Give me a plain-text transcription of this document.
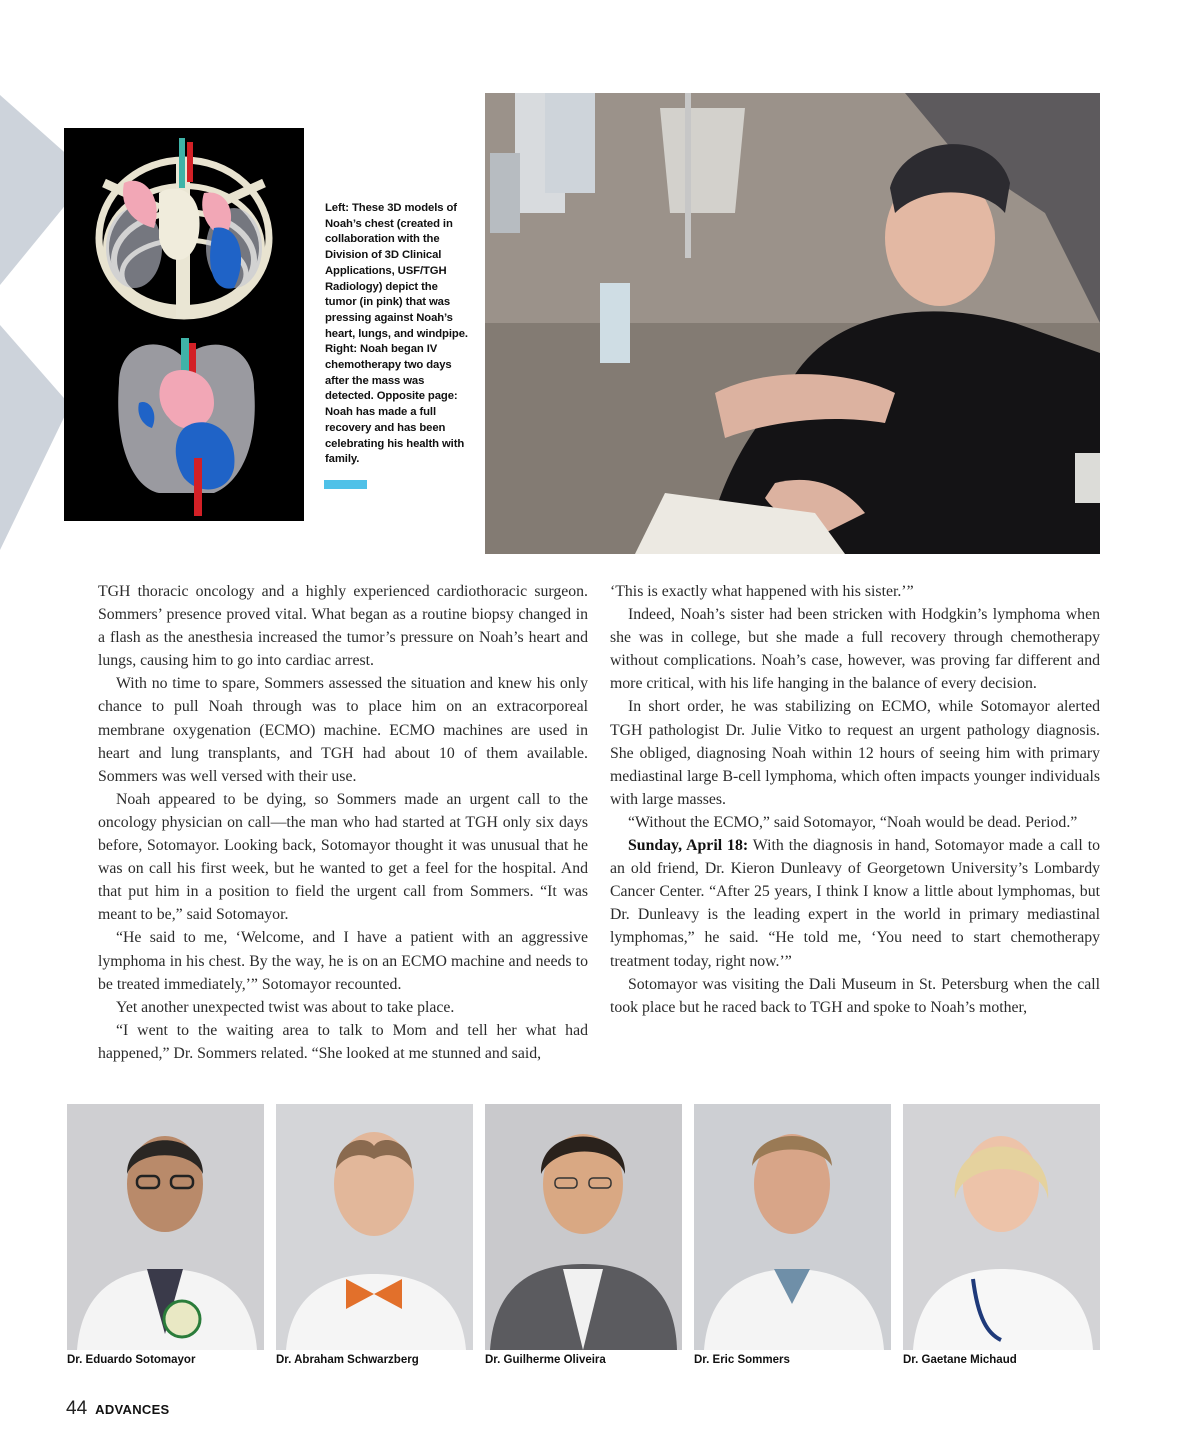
Left: These 3D models of Noah’s chest (created in collaboration with the Division of 3D Clinical Applications, USF/TGH Radiology) depict the tumor (in pink) that was pressing against Noah’s heart, lungs, and windpipe. Right: Noah began IV chemotherapy two days after the mass was detected. Opposite page: Noah has made a full recovery and has been celebrating his health with family.

TGH thoracic oncology and a highly experienced cardiothoracic surgeon. Sommers’ presence proved vital. What began as a routine biopsy changed in a flash as the anesthesia increased the tumor’s pressure on Noah’s heart and lungs, causing him to go into cardiac arrest.

With no time to spare, Sommers assessed the situation and knew his only chance to pull Noah through was to place him on an extracorporeal membrane oxygenation (ECMO) machine. ECMO machines are used in heart and lung transplants, and TGH had about 10 of them available. Sommers was well versed with their use.

Noah appeared to be dying, so Sommers made an urgent call to the oncology physician on call—the man who had started at TGH only six days before, Sotomayor. Looking back, Sotomayor thought it was unusual that he was on call his first week, but he wanted to get a feel for the hospital. And that put him in a position to field the urgent call from Sommers. “It was meant to be,” said Sotomayor.

“He said to me, ‘Welcome, and I have a patient with an aggressive lymphoma in his chest. By the way, he is on an ECMO machine and needs to be treated immediately,’” Sotomayor recounted.

Yet another unexpected twist was about to take place.

“I went to the waiting area to talk to Mom and tell her what had happened,” Dr. Sommers related. “She looked at me stunned and said,

‘This is exactly what happened with his sister.’”

Indeed, Noah’s sister had been stricken with Hodgkin’s lymphoma when she was in college, but she made a full recovery through chemotherapy without complications. Noah’s case, however, was proving far different and more critical, with his life hanging in the balance of every decision.

In short order, he was stabilizing on ECMO, while Sotomayor alerted TGH pathologist Dr. Julie Vitko to request an urgent pathology diagnosis. She obliged, diagnosing Noah within 12 hours of seeing him with primary mediastinal large B-cell lymphoma, which often impacts younger individuals with large masses.

“Without the ECMO,” said Sotomayor, “Noah would be dead. Period.”

Sunday, April 18: With the diagnosis in hand, Sotomayor made a call to an old friend, Dr. Kieron Dunleavy of Georgetown University’s Lombardy Cancer Center. “After 25 years, I think I know a little about lymphomas, but Dr. Dunleavy is the leading expert in the world in primary mediastinal lymphomas,” he said. “He told me, ‘You need to start chemotherapy treatment today, right now.’”

Sotomayor was visiting the Dali Museum in St. Petersburg when the call took place but he raced back to TGH and spoke to Noah’s mother,

Dr. Eduardo Sotomayor	Dr. Abraham Schwarzberg	Dr. Guilherme Oliveira	Dr. Eric Sommers	Dr. Gaetane Michaud
44 ADVANCES
